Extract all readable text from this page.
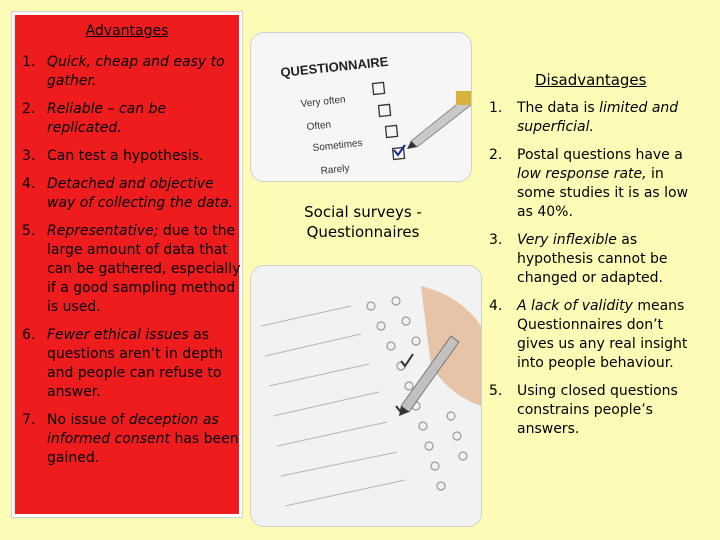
Advantages
1. Quick, cheap and easy to gather.
2. Reliable – can be replicated.
3. Can test a hypothesis.
4. Detached and objective way of collecting the data.
5. Representative; due to the large amount of data that can be gathered, especially if a good sampling method is used.
6. Fewer ethical issues as questions aren’t in depth and people can refuse to answer.
7. No issue of deception as informed consent has been gained.
QUESTIONNAIRE
Very often
Often
Sometimes
Rarely
Social surveys -
Questionnaires
Disadvantages
1. The data is limited and superficial.
2. Postal questions have a low response rate, in some studies it is as low as 40%.
3. Very inflexible as hypothesis cannot be changed or adapted.
4. A lack of validity means Questionnaires don’t gives us any real insight into people behaviour.
5. Using closed questions constrains people’s answers.
